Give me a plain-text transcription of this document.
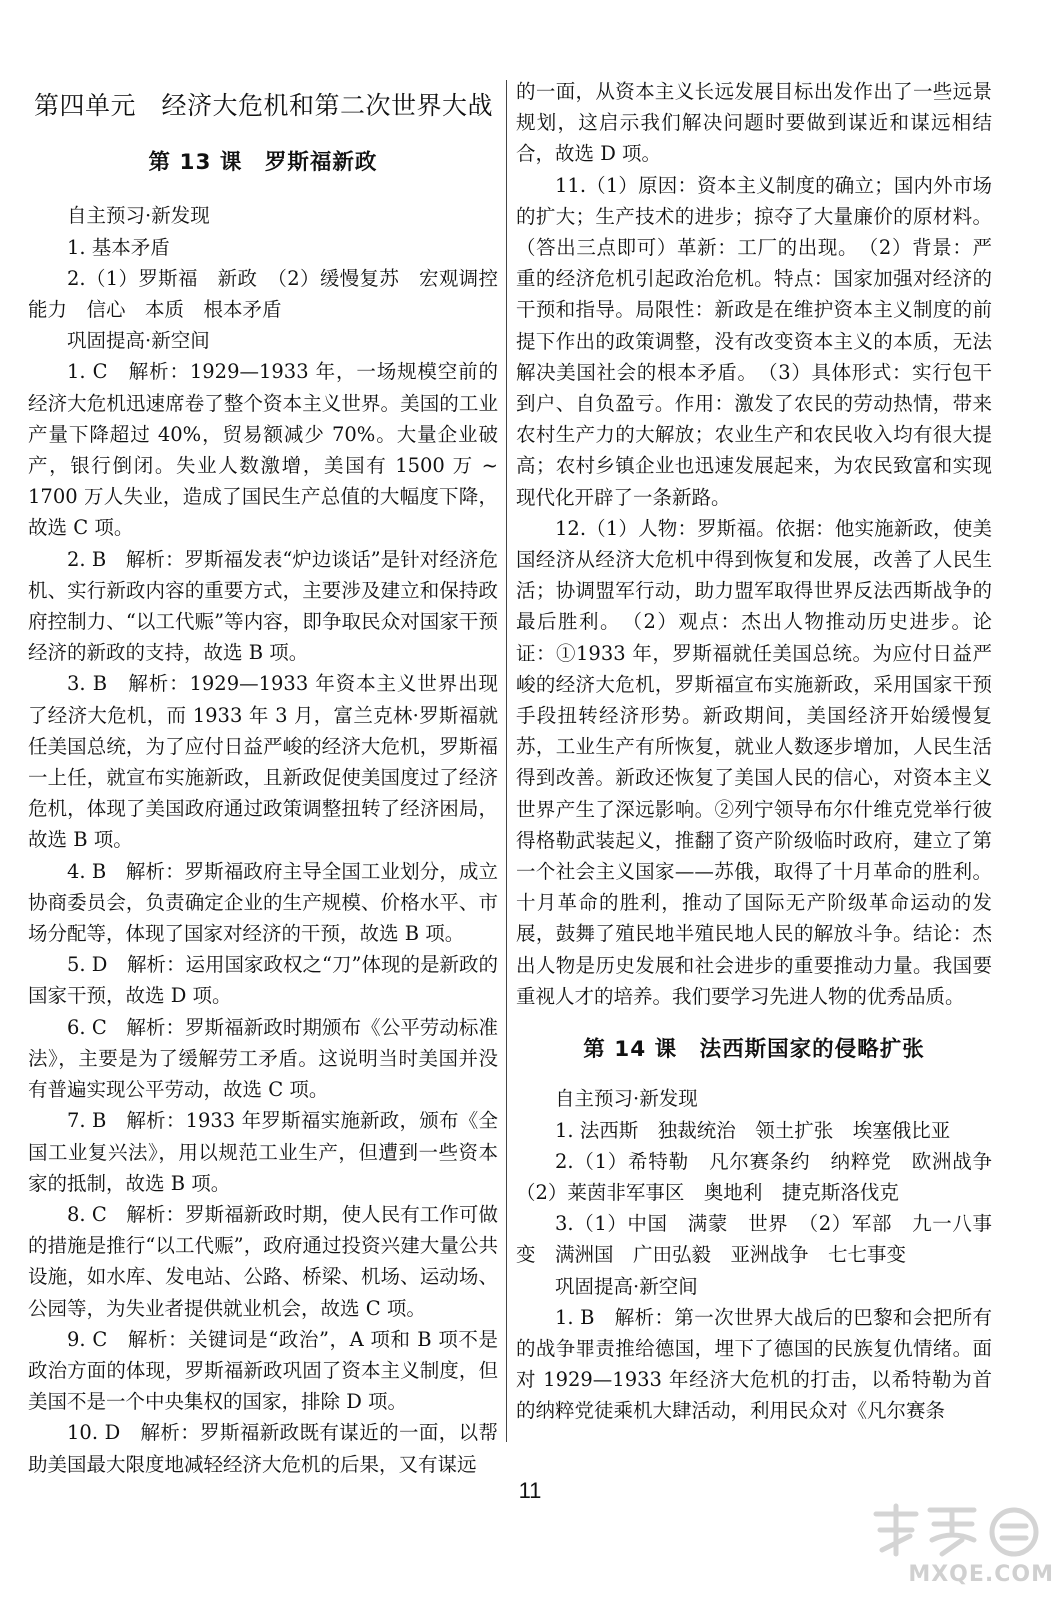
第四单元　经济大危机和第二次世界大战
第 13 课　罗斯福新政

自主预习·新发现

1. 基本矛盾

2.（1）罗斯福　新政　（2）缓慢复苏　宏观调控能力　信心　本质　根本矛盾

巩固提高·新空间

1. C　解析：1929—1933 年，一场规模空前的经济大危机迅速席卷了整个资本主义世界。美国的工业产量下降超过 40%，贸易额减少 70%。大量企业破产，银行倒闭。失业人数激增，美国有 1500 万 ~ 1700 万人失业，造成了国民生产总值的大幅度下降，故选 C 项。

2. B　解析：罗斯福发表“炉边谈话”是针对经济危机、实行新政内容的重要方式，主要涉及建立和保持政府控制力、“以工代赈”等内容，即争取民众对国家干预经济的新政的支持，故选 B 项。

3. B　解析：1929—1933 年资本主义世界出现了经济大危机，而 1933 年 3 月，富兰克林·罗斯福就任美国总统，为了应付日益严峻的经济大危机，罗斯福一上任，就宣布实施新政，且新政促使美国度过了经济危机，体现了美国政府通过政策调整扭转了经济困局，故选 B 项。

4. B　解析：罗斯福政府主导全国工业划分，成立协商委员会，负责确定企业的生产规模、价格水平、市场分配等，体现了国家对经济的干预，故选 B 项。

5. D　解析：运用国家政权之“刀”体现的是新政的国家干预，故选 D 项。

6. C　解析：罗斯福新政时期颁布《公平劳动标准法》，主要是为了缓解劳工矛盾。这说明当时美国并没有普遍实现公平劳动，故选 C 项。

7. B　解析：1933 年罗斯福实施新政，颁布《全国工业复兴法》，用以规范工业生产，但遭到一些资本家的抵制，故选 B 项。

8. C　解析：罗斯福新政时期，使人民有工作可做的措施是推行“以工代赈”，政府通过投资兴建大量公共设施，如水库、发电站、公路、桥梁、机场、运动场、公园等，为失业者提供就业机会，故选 C 项。

9. C　解析：关键词是“政治”，A 项和 B 项不是政治方面的体现，罗斯福新政巩固了资本主义制度，但美国不是一个中央集权的国家，排除 D 项。

10. D　解析：罗斯福新政既有谋近的一面，以帮助美国最大限度地减轻经济大危机的后果，又有谋远

的一面，从资本主义长远发展目标出发作出了一些远景规划，这启示我们解决问题时要做到谋近和谋远相结合，故选 D 项。

11.（1）原因：资本主义制度的确立；国内外市场的扩大；生产技术的进步；掠夺了大量廉价的原材料。（答出三点即可）革新：工厂的出现。　（2）背景：严重的经济危机引起政治危机。特点：国家加强对经济的干预和指导。局限性：新政是在维护资本主义制度的前提下作出的政策调整，没有改变资本主义的本质，无法解决美国社会的根本矛盾。　（3）具体形式：实行包干到户、自负盈亏。作用：激发了农民的劳动热情，带来农村生产力的大解放；农业生产和农民收入均有很大提高；农村乡镇企业也迅速发展起来，为农民致富和实现现代化开辟了一条新路。

12.（1）人物：罗斯福。依据：他实施新政，使美国经济从经济大危机中得到恢复和发展，改善了人民生活；协调盟军行动，助力盟军取得世界反法西斯战争的最后胜利。　（2）观点：杰出人物推动历史进步。论证：①1933 年，罗斯福就任美国总统。为应付日益严峻的经济大危机，罗斯福宣布实施新政，采用国家干预手段扭转经济形势。新政期间，美国经济开始缓慢复苏，工业生产有所恢复，就业人数逐步增加，人民生活得到改善。新政还恢复了美国人民的信心，对资本主义世界产生了深远影响。②列宁领导布尔什维克党举行彼得格勒武装起义，推翻了资产阶级临时政府，建立了第一个社会主义国家——苏俄，取得了十月革命的胜利。十月革命的胜利，推动了国际无产阶级革命运动的发展，鼓舞了殖民地半殖民地人民的解放斗争。结论：杰出人物是历史发展和社会进步的重要推动力量。我国要重视人才的培养。我们要学习先进人物的优秀品质。

第 14 课　法西斯国家的侵略扩张

自主预习·新发现

1. 法西斯　独裁统治　领土扩张　埃塞俄比亚

2.（1）希特勒　凡尔赛条约　纳粹党　欧洲战争　（2）莱茵非军事区　奥地利　捷克斯洛伐克

3.（1）中国　满蒙　世界　（2）军部　九一八事变　满洲国　广田弘毅　亚洲战争　七七事变

巩固提高·新空间

1. B　解析：第一次世界大战后的巴黎和会把所有的战争罪责推给德国，埋下了德国的民族复仇情绪。面对 1929—1933 年经济大危机的打击，以希特勒为首的纳粹党徒乘机大肆活动，利用民众对《凡尔赛条

11
MXQE.COM
